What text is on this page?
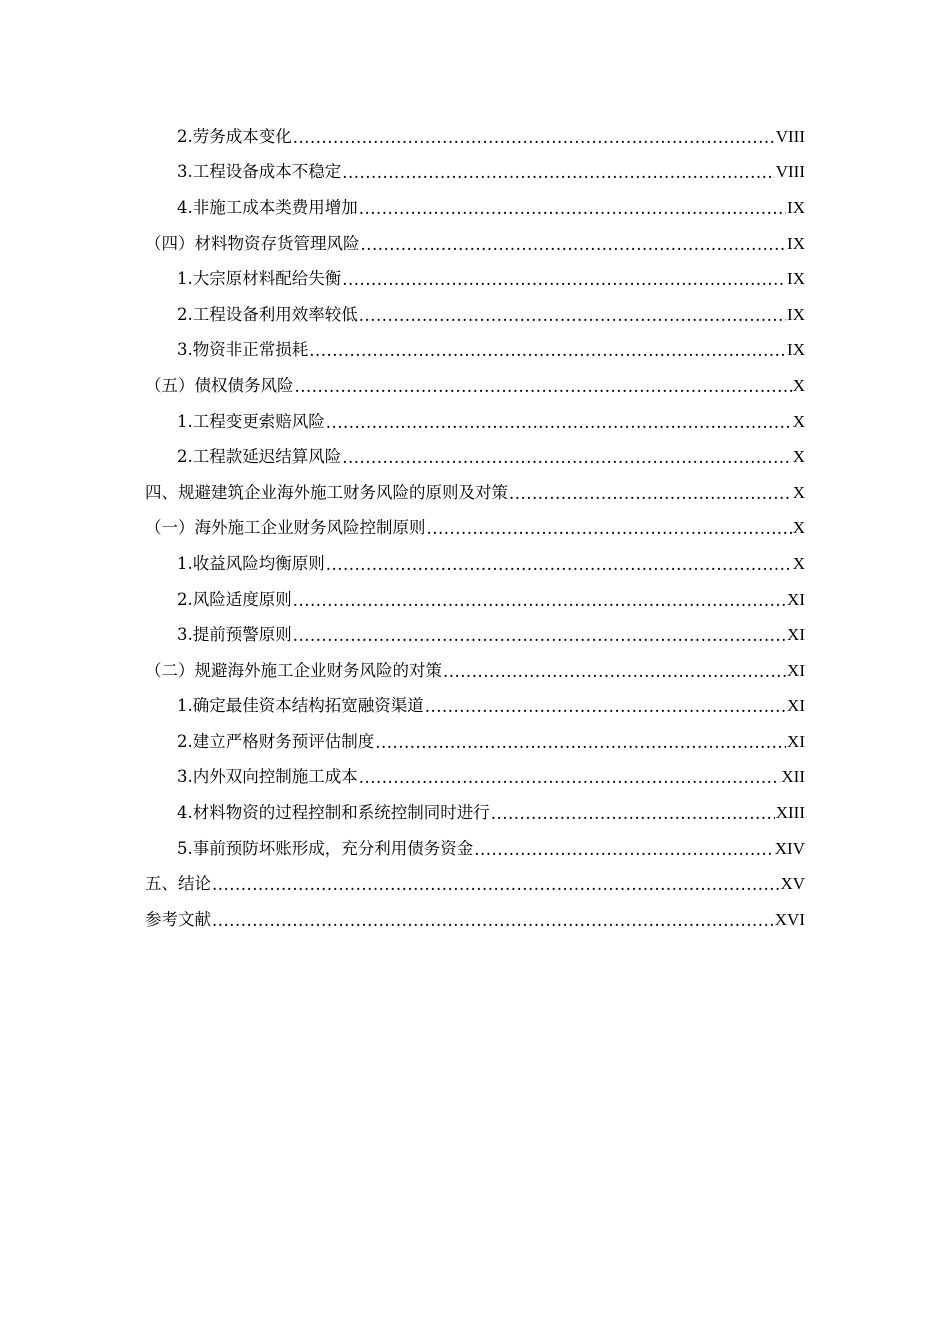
2.劳务成本变化 .....	VIII
3.工程设备成本不稳定 .....	VIII
4.非施工成本类费用增加 .....	IX
（四）材料物资存货管理风险 .....	IX
1.大宗原材料配给失衡 .....	IX
2.工程设备利用效率较低 .....	IX
3.物资非正常损耗 .....	IX
（五）债权债务风险 .....	X
1.工程变更索赔风险 .....	X
2.工程款延迟结算风险 .....	X
四、规避建筑企业海外施工财务风险的原则及对策 .....	X
（一）海外施工企业财务风险控制原则 .....	X
1.收益风险均衡原则 .....	X
2.风险适度原则 .....	XI
3.提前预警原则 .....	XI
（二）规避海外施工企业财务风险的对策 .....	XI
1.确定最佳资本结构拓宽融资渠道 .....	XI
2.建立严格财务预评估制度 .....	XI
3.内外双向控制施工成本 .....	XII
4.材料物资的过程控制和系统控制同时进行 .....	XIII
5.事前预防坏账形成，充分利用债务资金 .....	XIV
五、结论 .....	XV
参考文献 .....	XVI
